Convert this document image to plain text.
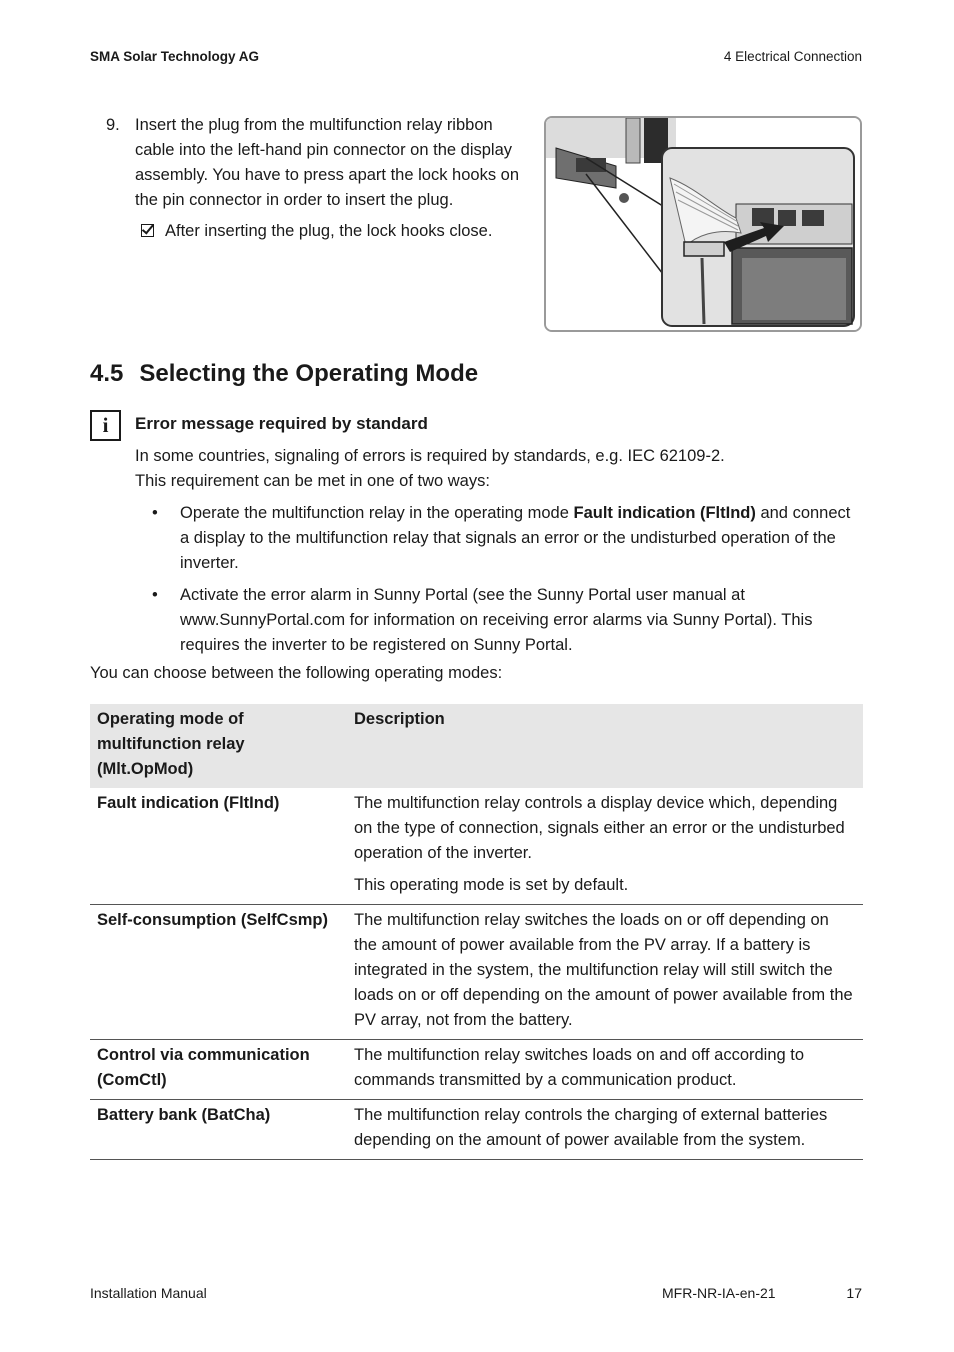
SMA Solar Technology AG	4 Electrical Connection
9. Insert the plug from the multifunction relay ribbon cable into the left-hand pin connector on the display assembly. You have to press apart the lock hooks on the pin connector in order to insert the plug.
After inserting the plug, the lock hooks close.
4.5 Selecting the Operating Mode
i	Error message required by standard
In some countries, signaling of errors is required by standards, e.g. IEC 62109-2.
This requirement can be met in one of two ways:
• Operate the multifunction relay in the operating mode Fault indication (FltInd) and connect a display to the multifunction relay that signals an error or the undisturbed operation of the inverter.
• Activate the error alarm in Sunny Portal (see the Sunny Portal user manual at www.SunnyPortal.com for information on receiving error alarms via Sunny Portal). This requires the inverter to be registered on Sunny Portal.
You can choose between the following operating modes:
Operating mode of multifunction relay (Mlt.OpMod)	Description
Fault indication (FltInd)	The multifunction relay controls a display device which, depending on the type of connection, signals either an error or the undisturbed operation of the inverter.
This operating mode is set by default.

Self-consumption (SelfCsmp)	The multifunction relay switches the loads on or off depending on the amount of power available from the PV array. If a battery is integrated in the system, the multifunction relay will still switch the loads on or off depending on the amount of power available from the PV array, not from the battery.
Control via communication (ComCtl)	The multifunction relay switches loads on and off according to commands transmitted by a communication product.
Battery bank (BatCha)	The multifunction relay controls the charging of external batteries depending on the amount of power available from the system.
Installation Manual	MFR-NR-IA-en-21	17
